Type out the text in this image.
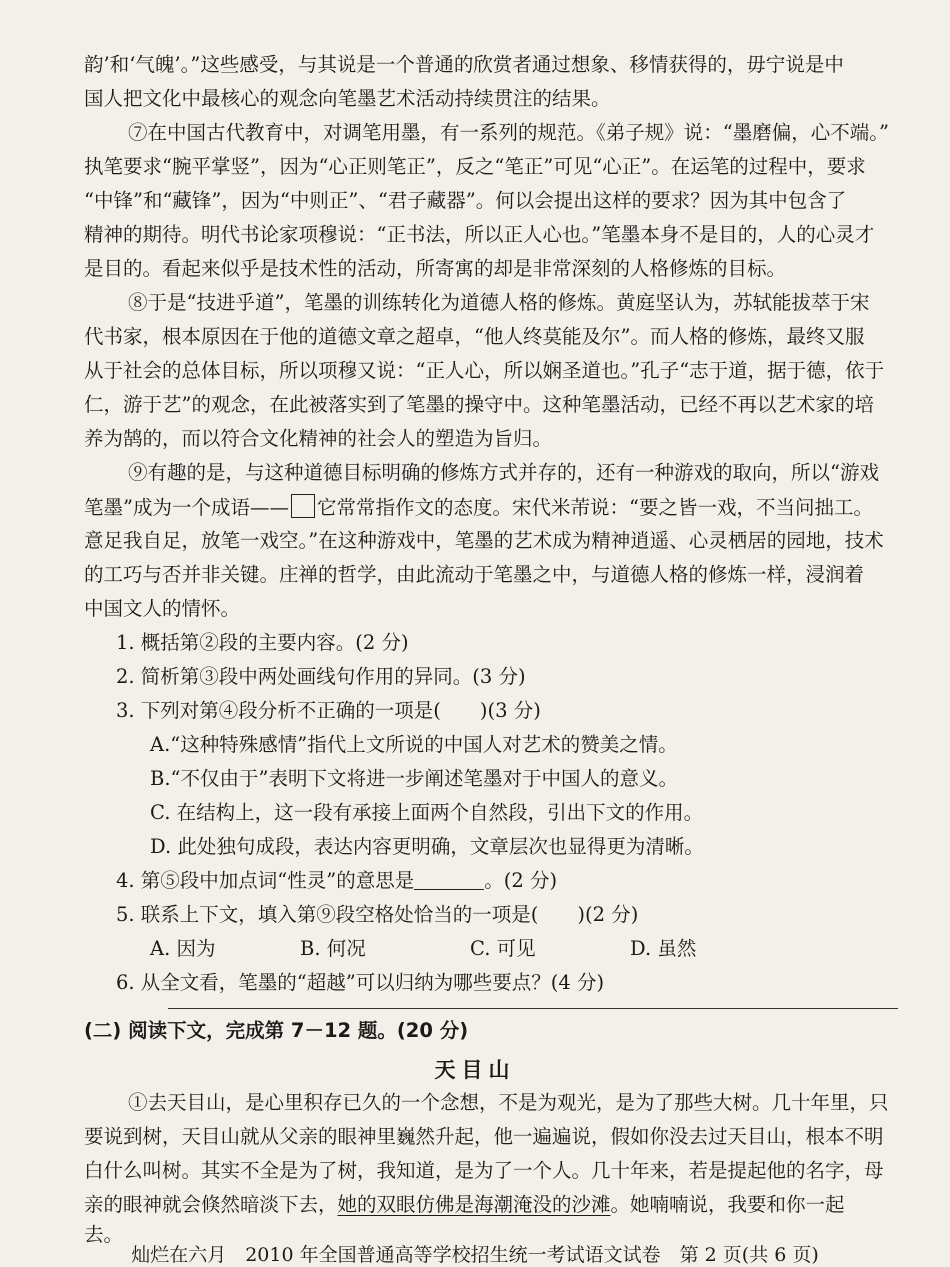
韵’和‘气魄’。”这些感受，与其说是一个普通的欣赏者通过想象、移情获得的，毋宁说是中
国人把文化中最核心的观念向笔墨艺术活动持续贯注的结果。
⑦在中国古代教育中，对调笔用墨，有一系列的规范。《弟子规》说：“墨磨偏，心不端。”
执笔要求“腕平掌竖”，因为“心正则笔正”，反之“笔正”可见“心正”。在运笔的过程中，要求
“中锋”和“藏锋”，因为“中则正”、“君子藏器”。何以会提出这样的要求？因为其中包含了
精神的期待。明代书论家项穆说：“正书法，所以正人心也。”笔墨本身不是目的，人的心灵才
是目的。看起来似乎是技术性的活动，所寄寓的却是非常深刻的人格修炼的目标。
⑧于是“技进乎道”，笔墨的训练转化为道德人格的修炼。黄庭坚认为，苏轼能拔萃于宋
代书家，根本原因在于他的道德文章之超卓，“他人终莫能及尔”。而人格的修炼，最终又服
从于社会的总体目标，所以项穆又说：“正人心，所以娴圣道也。”孔子“志于道，据于德，依于
仁，游于艺”的观念，在此被落实到了笔墨的操守中。这种笔墨活动，已经不再以艺术家的培
养为鹄的，而以符合文化精神的社会人的塑造为旨归。
⑨有趣的是，与这种道德目标明确的修炼方式并存的，还有一种游戏的取向，所以“游戏
笔墨”成为一个成语—— 它常常指作文的态度。宋代米芾说：“要之皆一戏，不当问拙工。
意足我自足，放笔一戏空。”在这种游戏中，笔墨的艺术成为精神逍遥、心灵栖居的园地，技术
的工巧与否并非关键。庄禅的哲学，由此流动于笔墨之中，与道德人格的修炼一样，浸润着
中国文人的情怀。
1. 概括第②段的主要内容。(2 分)
2. 简析第③段中两处画线句作用的异同。(3 分)
3. 下列对第④段分析不正确的一项是(　　)(3 分)
A.“这种特殊感情”指代上文所说的中国人对艺术的赞美之情。
B.“不仅由于”表明下文将进一步阐述笔墨对于中国人的意义。
C. 在结构上，这一段有承接上面两个自然段，引出下文的作用。
D. 此处独句成段，表达内容更明确，文章层次也显得更为清晰。
4. 第⑤段中加点词“性灵”的意思是	。(2 分)
5. 联系上下文，填入第⑨段空格处恰当的一项是(　　)(2 分)
A. 因为	B. 何况	C. 可见	D. 虽然
6. 从全文看，笔墨的“超越”可以归纳为哪些要点？(4 分)
(二) 阅读下文，完成第 7－12 题。(20 分)
天目山
①去天目山，是心里积存已久的一个念想，不是为观光，是为了那些大树。几十年里，只
要说到树，天目山就从父亲的眼神里巍然升起，他一遍遍说，假如你没去过天目山，根本不明
白什么叫树。其实不全是为了树，我知道，是为了一个人。几十年来，若是提起他的名字，母
亲的眼神就会倏然暗淡下去，她的双眼仿佛是海潮淹没的沙滩。她喃喃说，我要和你一起
去。
灿烂在六月　2010 年全国普通高等学校招生统一考试语文试卷　第 2 页(共 6 页)
